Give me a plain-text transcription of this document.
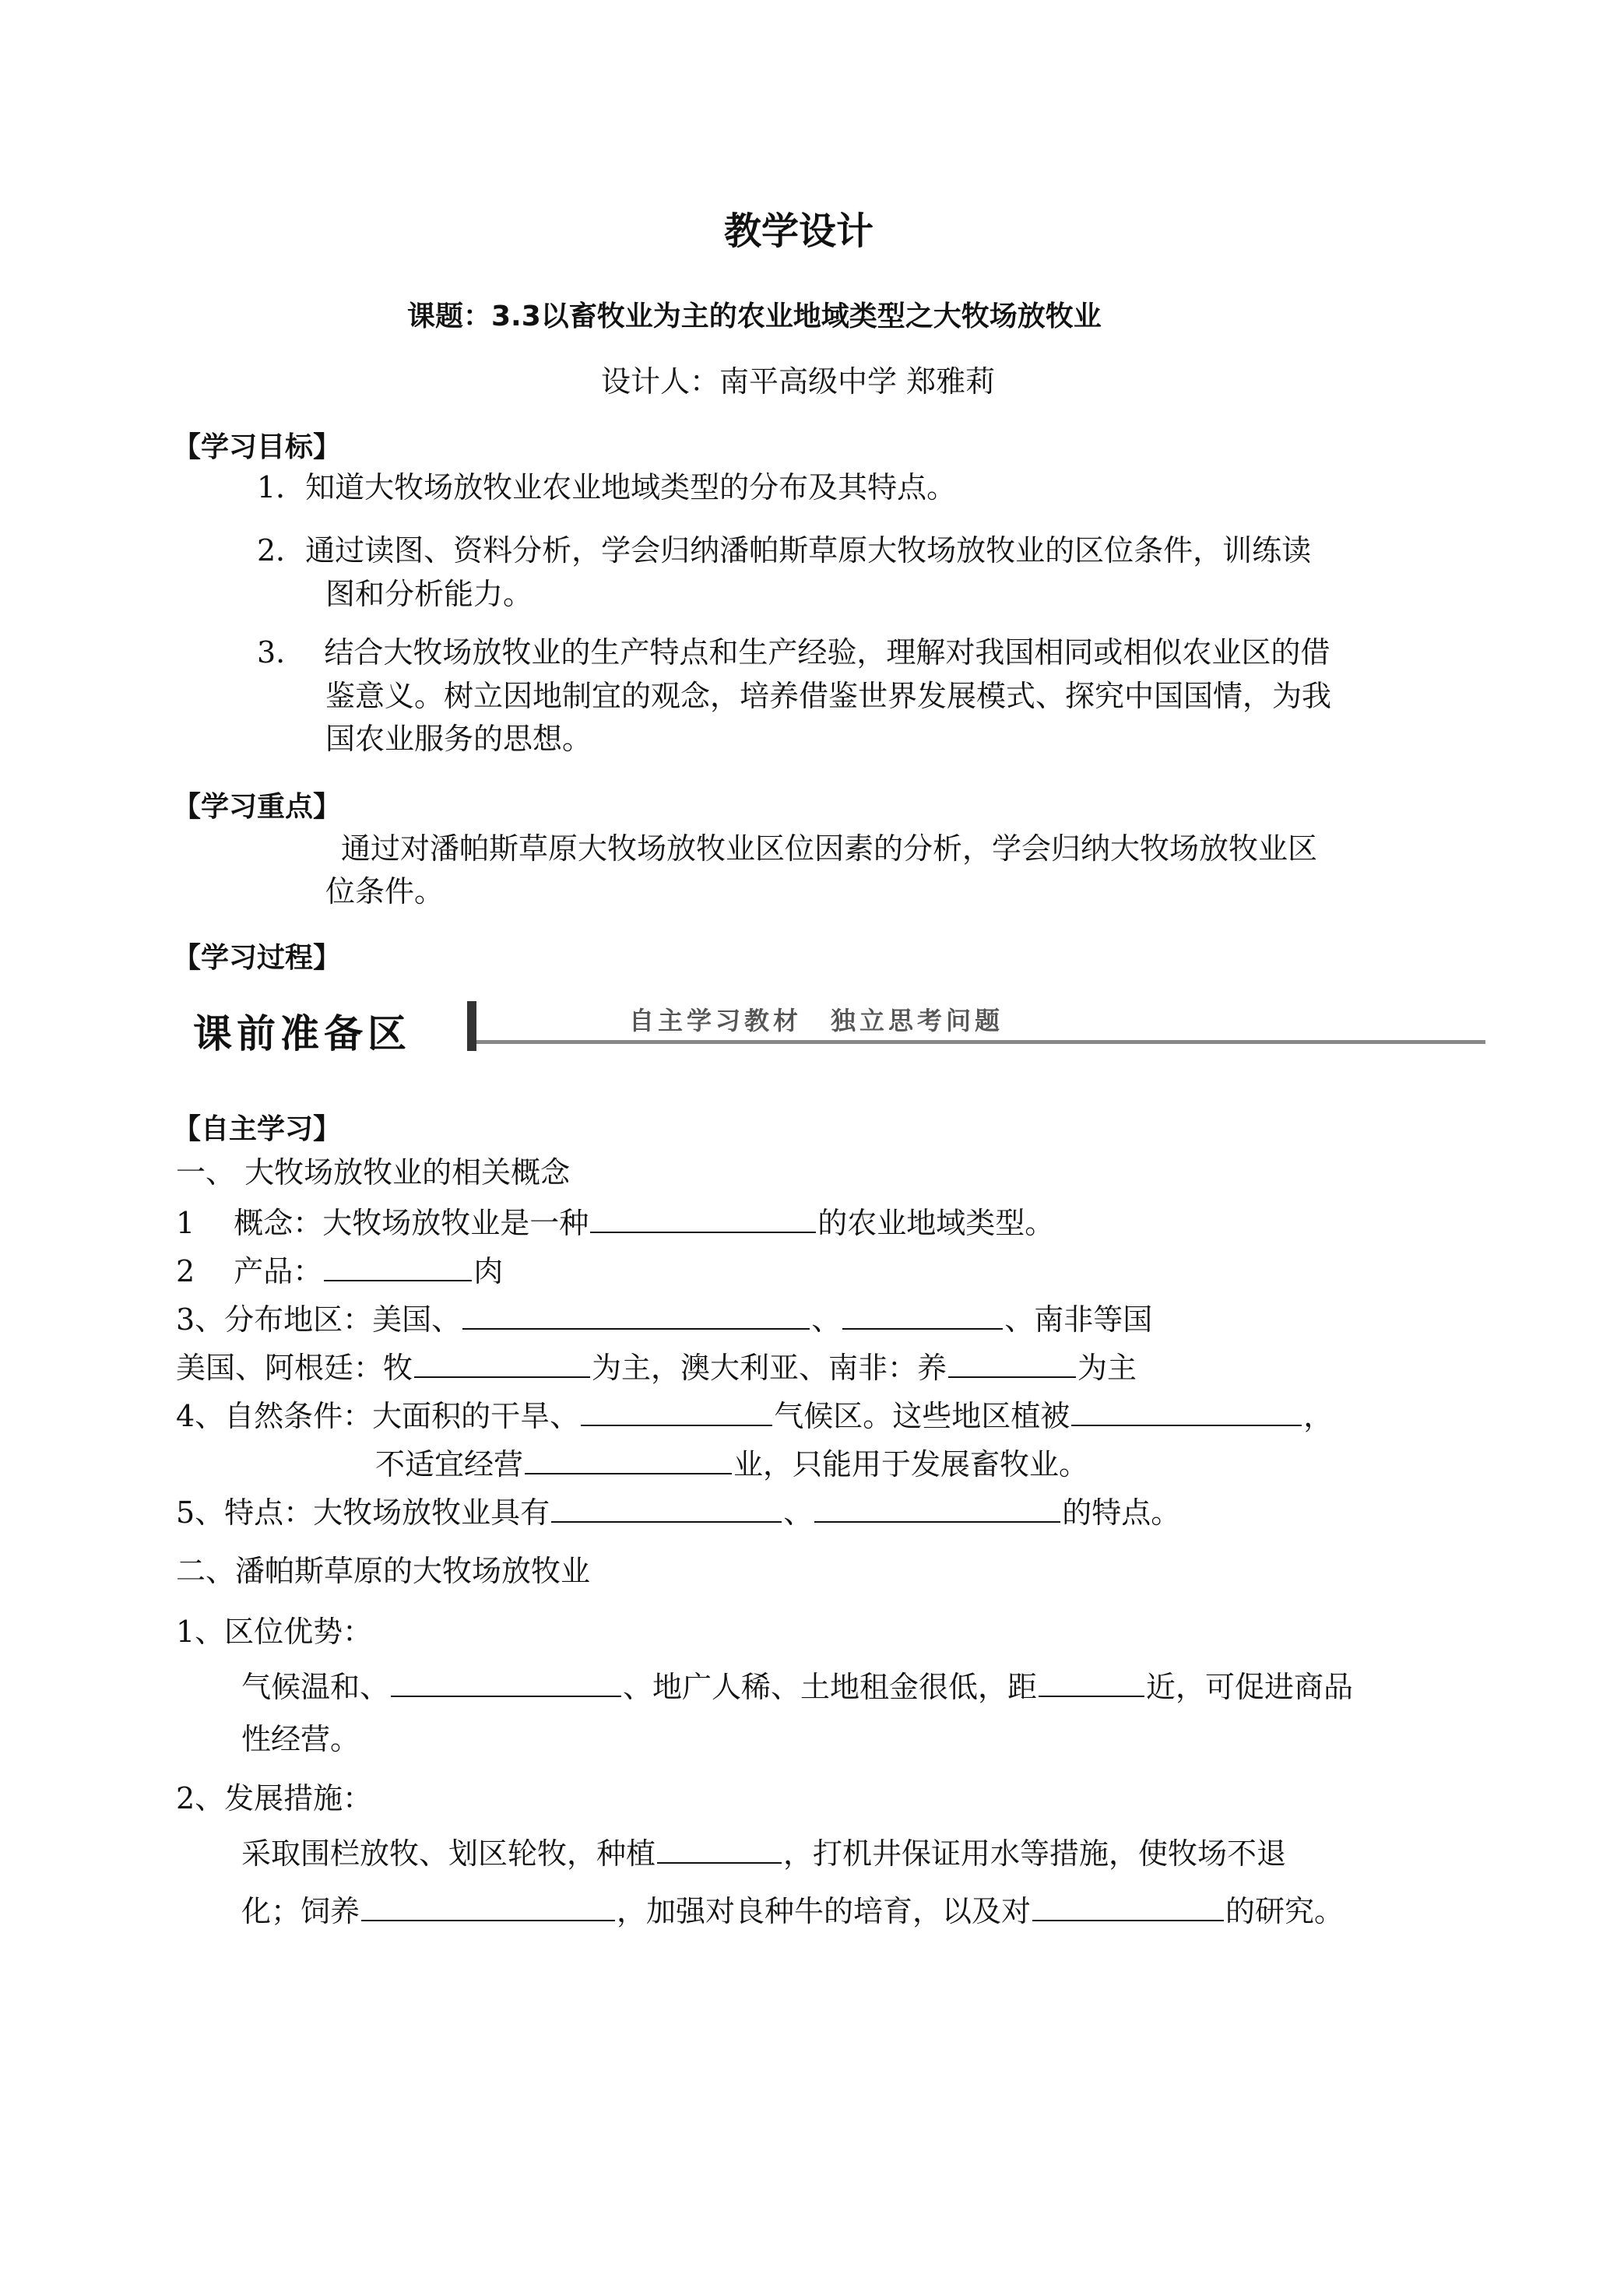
教学设计
课题：3.3以畜牧业为主的农业地域类型之大牧场放牧业
设计人：南平高级中学 郑雅莉
【学习目标】
1．知道大牧场放牧业农业地域类型的分布及其特点。
2．通过读图、资料分析，学会归纳潘帕斯草原大牧场放牧业的区位条件，训练读
图和分析能力。
3.　 结合大牧场放牧业的生产特点和生产经验，理解对我国相同或相似农业区的借
鉴意义。树立因地制宜的观念，培养借鉴世界发展模式、探究中国国情，为我
国农业服务的思想。
【学习重点】
通过对潘帕斯草原大牧场放牧业区位因素的分析，学会归纳大牧场放牧业区
位条件。
【学习过程】
课前准备区	自主学习教材　独立思考问题
【自主学习】
一、 大牧场放牧业的相关概念
1　 概念：大牧场放牧业是一种	的农业地域类型。
2　 产品：	肉
3、分布地区：美国、	、	、南非等国
美国、阿根廷：牧	为主，澳大利亚、南非：养	为主
4、自然条件：大面积的干旱、	气候区。这些地区植被	，
不适宜经营	业，只能用于发展畜牧业。
5、特点：大牧场放牧业具有	、	的特点。
二、潘帕斯草原的大牧场放牧业
1、区位优势：
气候温和、	、地广人稀、土地租金很低，距	近，可促进商品
性经营。
2、发展措施：
采取围栏放牧、划区轮牧，种植	，打机井保证用水等措施，使牧场不退
化；饲养	，加强对良种牛的培育，以及对	的研究。
